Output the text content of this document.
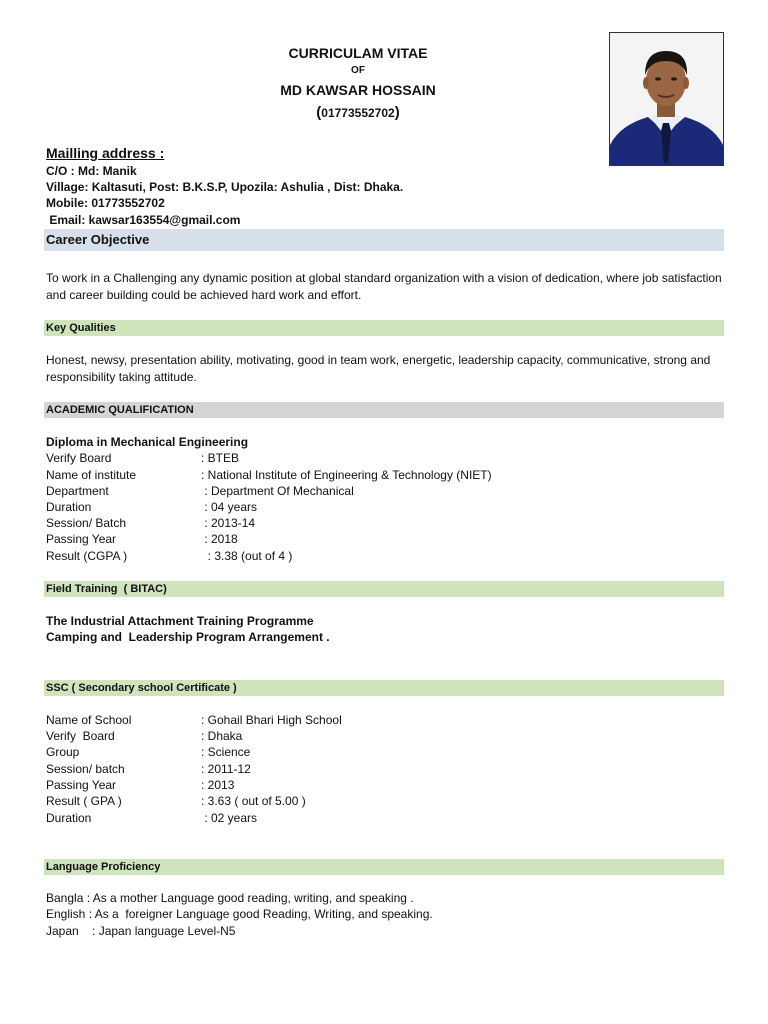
CURRICULAM VITAE
OF
MD KAWSAR HOSSAIN
(01773552702)
Mailling address :
C/O : Md: Manik
Village: Kaltasuti, Post: B.K.S.P, Upozila: Ashulia , Dist: Dhaka.
Mobile: 01773552702
Email: kawsar163554@gmail.com
Career Objective
To work in a Challenging any dynamic position at global standard organization with a vision of dedication, where job satisfaction and career building could be achieved hard work and effort.
Key Qualities
Honest, newsy, presentation ability, motivating, good in team work, energetic, leadership capacity, communicative, strong and responsibility taking attitude.
ACADEMIC QUALIFICATION
Diploma in Mechanical Engineering
Verify Board	: BTEB
Name of institute	: National Institute of Engineering & Technology (NIET)
Department	: Department Of Mechanical
Duration	: 04 years
Session/ Batch	: 2013-14
Passing Year	: 2018
Result (CGPA )	: 3.38 (out of 4 )
Field Training  ( BITAC)
The Industrial Attachment Training Programme
Camping and  Leadership Program Arrangement .
SSC ( Secondary school Certificate )
Name of School	: Gohail Bhari High School
Verify  Board	: Dhaka
Group	: Science
Session/ batch	: 2011-12
Passing Year	: 2013
Result ( GPA )	: 3.63 ( out of 5.00 )
Duration	: 02 years
Language Proficiency
Bangla : As a mother Language good reading, writing, and speaking .
English : As a  foreigner Language good Reading, Writing, and speaking.
Japan    : Japan language Level-N5
